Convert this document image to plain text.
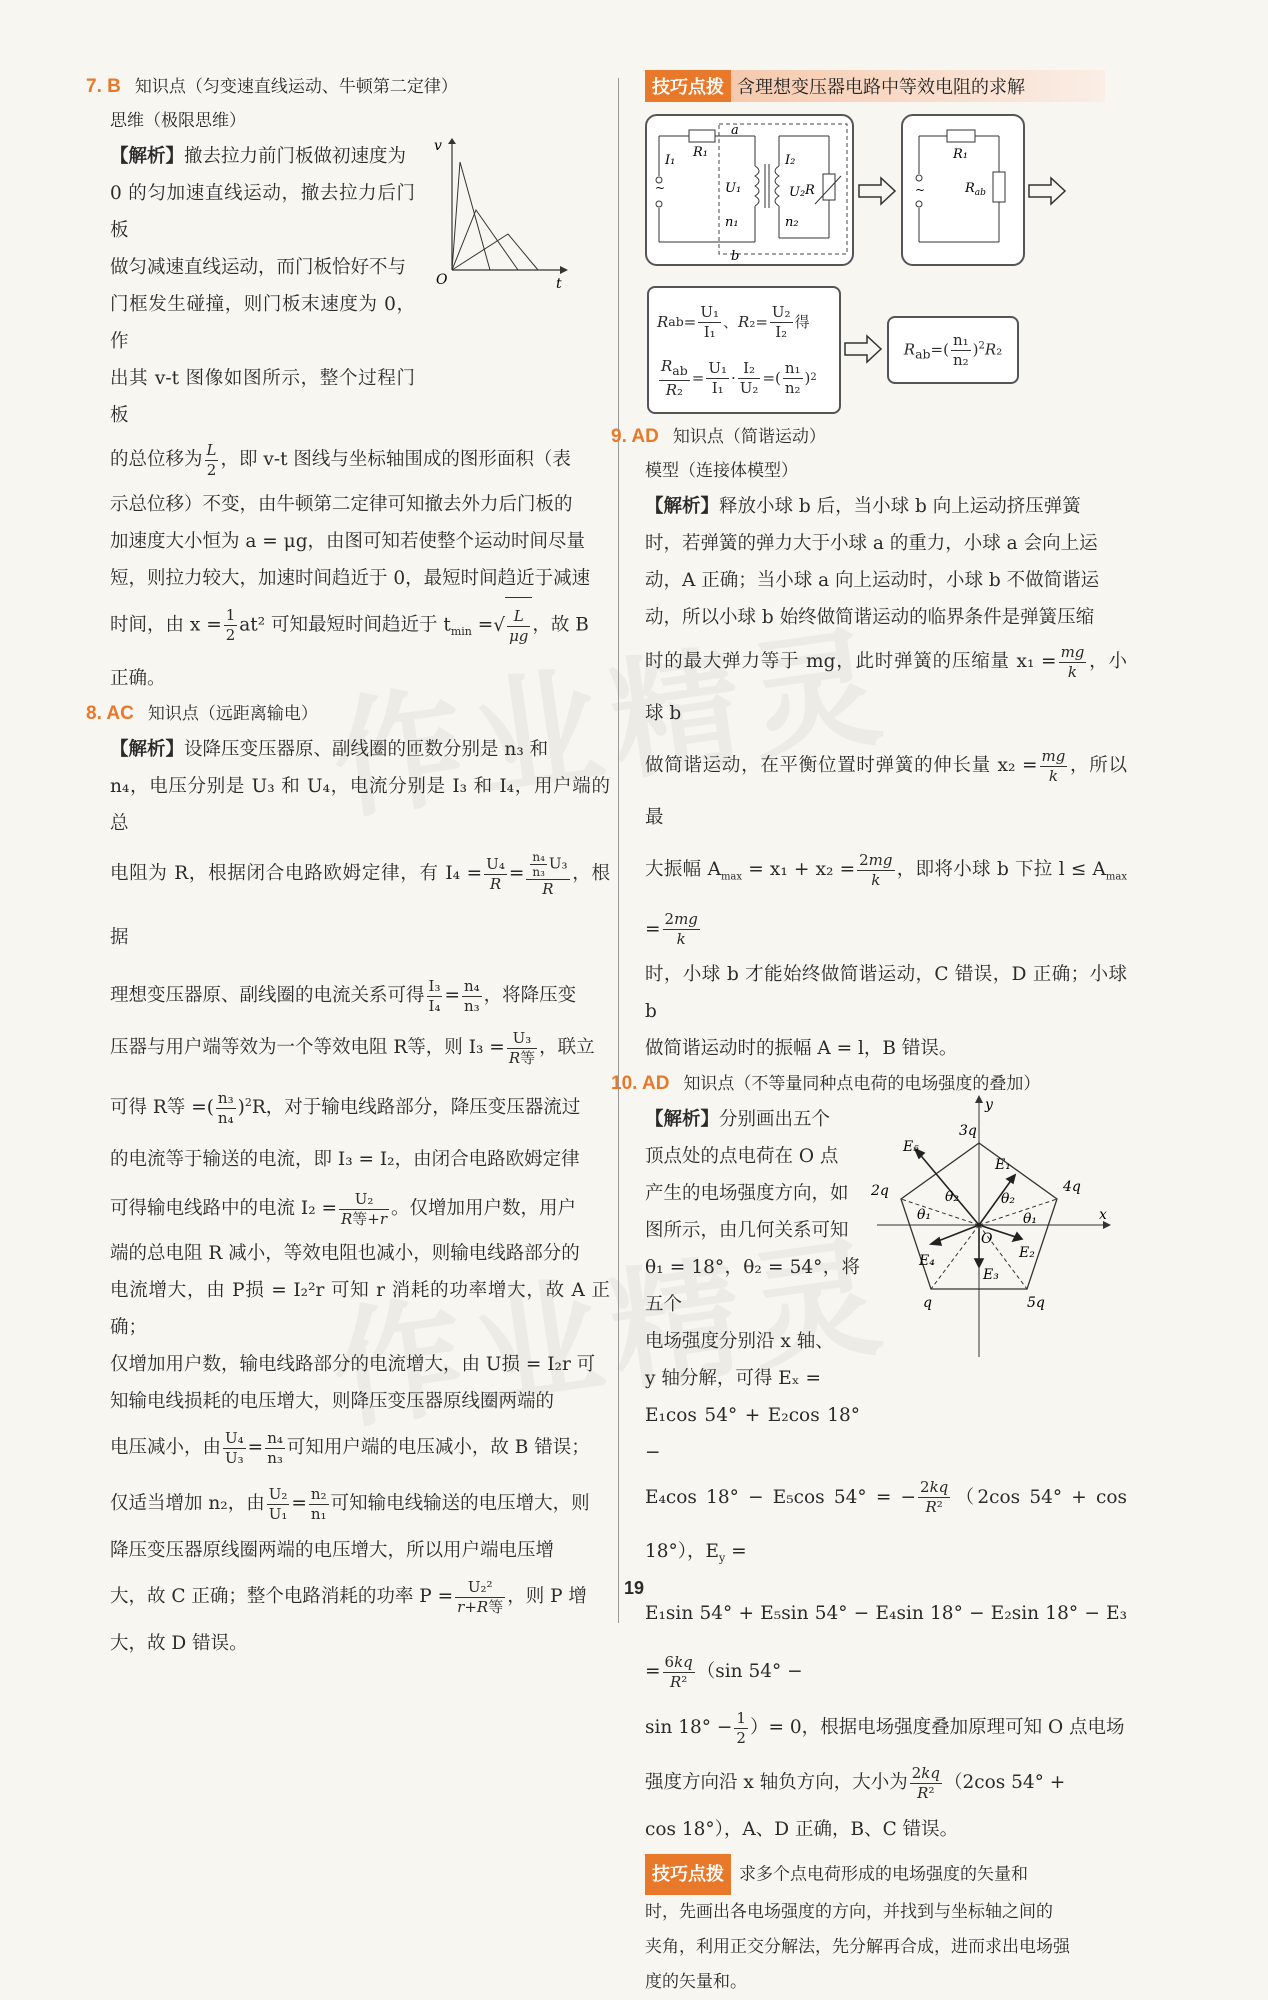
7. B 知识点（匀变速直线运动、牛顿第二定律）
思维（极限思维）
v
t
O

【解析】撤去拉力前门板做初速度为

0 的匀加速直线运动，撤去拉力后门板

做匀减速直线运动，而门板恰好不与

门框发生碰撞，则门板末速度为 0，作

出其 v-t 图像如图所示，整个过程门板

的总位移为 $\frac{L}{2}$ ，即 v-t 图线与坐标轴围成的图形面积（表

示总位移）不变，由牛顿第二定律可知撤去外力后门板的

加速度大小恒为 a = μg，由图可知若使整个运动时间尽量

短，则拉力较大，加速时间趋近于 0，最短时间趋近于减速

时间，由 $x = \frac{1}{2} at^2$ 可知最短时间趋近于 $t_{min}$ =√ $\frac{L}{\mu g}$ ，故 B

正确。

8. AC 知识点（远距离输电）

【解析】设降压变压器原、副线圈的匝数分别是 n₃ 和

n₄，电压分别是 U₃ 和 U₄，电流分别是 I₃ 和 I₄，用户端的总

电阻为 R，根据闭合电路欧姆定律，有 $I_4 = \frac{\text{U₄}}{R} = \frac{\frac{\text{n₄}}{\text{n₃}} U_3}{R}$ ，根据

理想变压器原、副线圈的电流关系可得 $\frac{\text{I₃}}{\text{I₄}} = \frac{\text{n₄}}{\text{n₃}}$ ，将降压变

压器与用户端等效为一个等效电阻 R等，则 $I_3 = \frac{\text{U₃}}{\text{R等}}$ ，联立

可得 R等 =( $\frac{\text{n₃}}{\text{n₄}} )^2R$，对于输电线路部分，降压变压器流过

的电流等于输送的电流，即 I₃ = I₂，由闭合电路欧姆定律

可得输电线路中的电流 $I_2 = \frac{\text{U₂}}{\text{R等+r}}$ 。仅增加用户数，用户

端的总电阻 R 减小，等效电阻也减小，则输电线路部分的

电流增大，由 P损 = I₂²r 可知 r 消耗的功率增大，故 A 正确；

仅增加用户数，输电线路部分的电流增大，由 U损 = I₂r 可

知输电线损耗的电压增大，则降压变压器原线圈两端的

电压减小，由 $\frac{\text{U₄}}{\text{U₃}} = \frac{\text{n₄}}{\text{n₃}}$ 可知用户端的电压减小，故 B 错误；

仅适当增加 n₂，由 $\frac{\text{U₂}}{\text{U₁}} = \frac{\text{n₂}}{\text{n₁}}$ 可知输电线输送的电压增大，则

降压变压器原线圈两端的电压增大，所以用户端电压增

大，故 C 正确；整个电路消耗的功率 $P = \frac{\text{U₂²}}{\text{r+R等}}$ ，则 P 增

大，故 D 错误。

技巧点拨 含理想变压器电路中等效电阻的求解
~
I₁
R₁
a
b
U₁
n₁
I₂
U₂
n₂
R	~
R₁
$R_{ab}$
R ab = $\frac{\text{U₁}}{\text{I₁}}$ 、 R $_2= \frac{\text{U₂}}{\text{I₂}}$ 得
$\frac{R_{ab}}{\text{R₂}} = \frac{\text{U₁}}{\text{I₁}} \cdot \frac{\text{I₂}}{\text{U₂}}$ =( $\frac{\text{n₁}}{\text{n₂}}$ ) 2
$R_{ab}=( \frac{\text{n₁}}{\text{n₂}} )^2R_2$
9. AD 知识点（简谐运动）
模型（连接体模型）

【解析】释放小球 b 后，当小球 b 向上运动挤压弹簧

时，若弹簧的弹力大于小球 a 的重力，小球 a 会向上运

动，A 正确；当小球 a 向上运动时，小球 b 不做简谐运

动，所以小球 b 始终做简谐运动的临界条件是弹簧压缩

时的最大弹力等于 mg，此时弹簧的压缩量 $x_1 = \frac{mg}{k}$ ，小球 b

做简谐运动，在平衡位置时弹簧的伸长量 $x_2 = \frac{mg}{k}$ ，所以最

大振幅 $A_{max} = x_1 + x_2 = \frac{2mg}{k}$ ，即将小球 b 下拉 $l \le A_{max} = \frac{2mg}{k}$

时，小球 b 才能始终做简谐运动，C 错误，D 正确；小球 b

做简谐运动时的振幅 A = l，B 错误。

10. AD 知识点（不等量同种点电荷的电场强度的叠加）
y
x
O
3q
2q	4q
q	5q
E₁
E₂
E₃
E₄
E₅
θ₁
θ₂	θ₂
θ₁

【解析】分别画出五个

顶点处的点电荷在 O 点

产生的电场强度方向，如

图所示，由几何关系可知

θ₁ = 18°，θ₂ = 54°，将五个

电场强度分别沿 x 轴、

y 轴分解，可得 Eₓ =

E₁cos 54° + E₂cos 18° −

E₄cos 18° − E₅cos 54° = − $\frac{2kq}{\text{R²}} (2\cos$ 54° + cos 18°），$E_y$ =

E₁sin 54° + E₅sin 54° − E₄sin 18° − E₂sin $18^\circ - E_3 = \frac{6kq}{\text{R²}} (\sin$ 54° −

$\sin 18^\circ - \frac{1}{2}$ ）= 0，根据电场强度叠加原理可知 O 点电场

强度方向沿 x 轴负方向，大小为 $\frac{2kq}{\text{R²}} (2\cos$ 54° +

cos 18°），A、D 正确，B、C 错误。

技巧点拨 求多个点电荷形成的电场强度的矢量和

时，先画出各电场强度的方向，并找到与坐标轴之间的

夹角，利用正交分解法，先分解再合成，进而求出电场强

度的矢量和。

19
